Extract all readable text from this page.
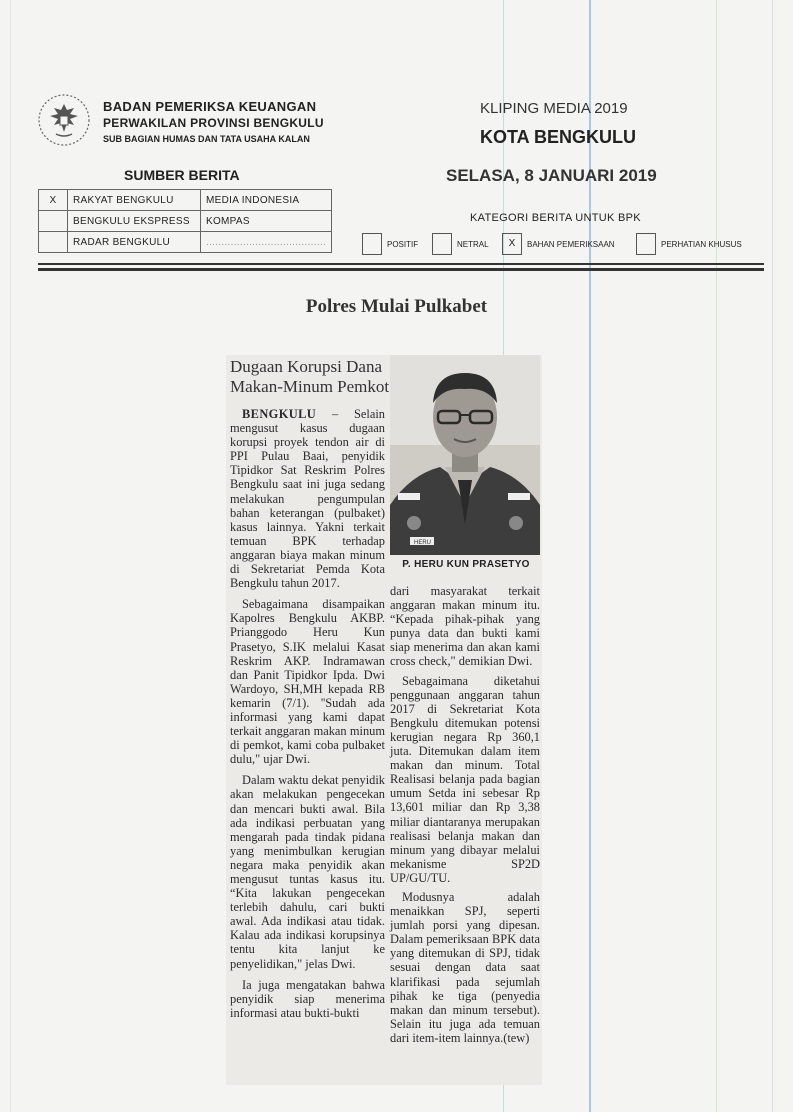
BADAN PEMERIKSA KEUANGAN
PERWAKILAN PROVINSI BENGKULU
SUB BAGIAN HUMAS DAN TATA USAHA KALAN
KLIPING MEDIA 2019
KOTA BENGKULU
SELASA, 8 JANUARI 2019
SUMBER BERITA
X	RAKYAT BENGKULU	MEDIA INDONESIA
	BENGKULU EKSPRESS	KOMPAS
	RADAR BENGKULU	.......................................
KATEGORI BERITA UNTUK BPK
POSITIF	NETRAL	X	BAHAN PEMERIKSAAN	PERHATIAN KHUSUS
Polres Mulai Pulkabet
Dugaan Korupsi Dana
Makan-Minum Pemkot
HERU
P. HERU KUN PRASETYO

BENGKULU – Selain mengusut kasus dugaan korupsi proyek tendon air di PPI Pulau Baai, penyidik Tipidkor Sat Reskrim Polres Bengkulu saat ini juga sedang melakukan pengumpulan bahan keterangan (pulbaket) kasus lainnya. Yakni terkait temuan BPK terhadap anggaran biaya makan minum di Sekretariat Pemda Kota Bengkulu tahun 2017.

Sebagaimana disampaikan Kapolres Bengkulu AKBP. Prianggodo Heru Kun Prasetyo, S.IK melalui Kasat Reskrim AKP. Indramawan dan Panit Tipidkor Ipda. Dwi Wardoyo, SH,MH kepada RB kemarin (7/1). ''Sudah ada informasi yang kami dapat terkait anggaran makan minum di pemkot, kami coba pulbaket dulu," ujar Dwi.

Dalam waktu dekat penyidik akan melakukan pengecekan dan mencari bukti awal. Bila ada indikasi perbuatan yang mengarah pada tindak pidana yang menimbulkan kerugian negara maka penyidik akan mengusut tuntas kasus itu. “Kita lakukan pengecekan terlebih dahulu, cari bukti awal. Ada indikasi atau tidak. Kalau ada indikasi korupsinya tentu kita lanjut ke penyelidikan," jelas Dwi.

Ia juga mengatakan bahwa penyidik siap menerima informasi atau bukti-bukti

dari masyarakat terkait anggaran makan minum itu. “Kepada pihak-pihak yang punya data dan bukti kami siap menerima dan akan kami cross check," demikian Dwi.

Sebagaimana diketahui penggunaan anggaran tahun 2017 di Sekretariat Kota Bengkulu ditemukan potensi kerugian negara Rp 360,1 juta. Ditemukan dalam item makan dan minum. Total Realisasi belanja pada bagian umum Setda ini sebesar Rp 13,601 miliar dan Rp 3,38 miliar diantaranya merupakan realisasi belanja makan dan minum yang dibayar melalui mekanisme SP2D UP/GU/TU.

Modusnya adalah menaikkan SPJ, seperti jumlah porsi yang dipesan. Dalam pemeriksaan BPK data yang ditemukan di SPJ, tidak sesuai dengan data saat klarifikasi pada sejumlah pihak ke tiga (penyedia makan dan minum tersebut). Selain itu juga ada temuan dari item-item lainnya.(tew)
